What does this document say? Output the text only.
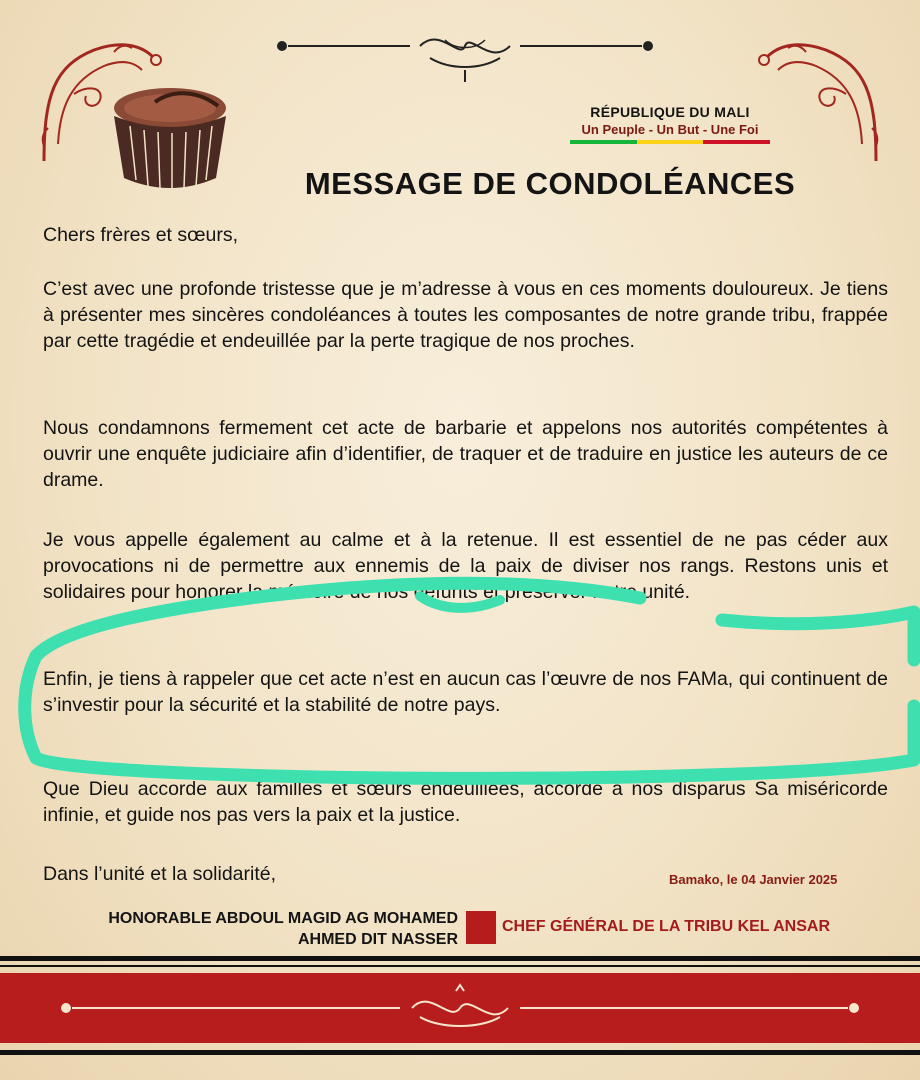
RÉPUBLIQUE DU MALI
Un Peuple - Un But - Une Foi
MESSAGE DE CONDOLÉANCES

Chers frères et sœurs,

C’est avec une profonde tristesse que je m’adresse à vous en ces moments douloureux. Je tiens à présenter mes sincères condoléances à toutes les composantes de notre grande tribu, frappée par cette tragédie et endeuillée par la perte tragique de nos proches.

Nous condamnons fermement cet acte de barbarie et appelons nos autorités compétentes à ouvrir une enquête judiciaire afin d’identifier, de traquer et de traduire en justice les auteurs de ce drame.

Je vous appelle également au calme et à la retenue. Il est essentiel de ne pas céder aux provocations ni de permettre aux ennemis de la paix de diviser nos rangs. Restons unis et solidaires pour honorer la mémoire de nos défunts et préserver notre unité.

Enfin, je tiens à rappeler que cet acte n’est en aucun cas l’œuvre de nos FAMa, qui continuent de s’investir pour la sécurité et la stabilité de notre pays.

Que Dieu accorde aux familles et sœurs endeuillées, accorde à nos disparus Sa miséricorde infinie, et guide nos pas vers la paix et la justice.

Dans l’unité et la solidarité,	Bamako, le 04 Janvier 2025
HONORABLE ABDOUL MAGID AG MOHAMED
AHMED DIT NASSER
CHEF GÉNÉRAL DE LA TRIBU KEL ANSAR
